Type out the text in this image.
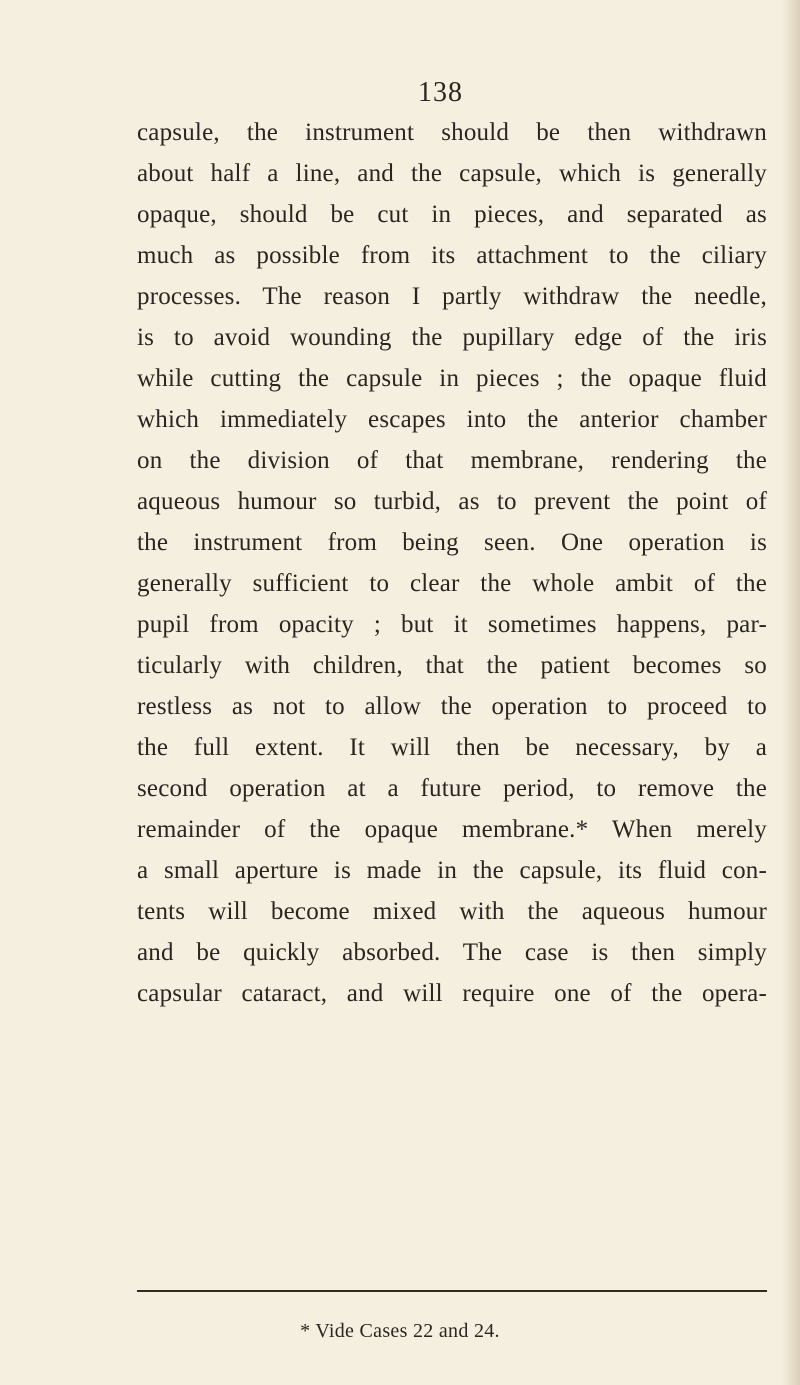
138
capsule, the instrument should be then withdrawn
about half a line, and the capsule, which is generally
opaque, should be cut in pieces, and separated as
much as possible from its attachment to the ciliary
processes. The reason I partly withdraw the needle,
is to avoid wounding the pupillary edge of the iris
while cutting the capsule in pieces ; the opaque fluid
which immediately escapes into the anterior chamber
on the division of that membrane, rendering the
aqueous humour so turbid, as to prevent the point of
the instrument from being seen. One operation is
generally sufficient to clear the whole ambit of the
pupil from opacity ; but it sometimes happens, par-
ticularly with children, that the patient becomes so
restless as not to allow the operation to proceed to
the full extent. It will then be necessary, by a
second operation at a future period, to remove the
remainder of the opaque membrane.* When merely
a small aperture is made in the capsule, its fluid con-
tents will become mixed with the aqueous humour
and be quickly absorbed. The case is then simply
capsular cataract, and will require one of the opera-
* Vide Cases 22 and 24.
